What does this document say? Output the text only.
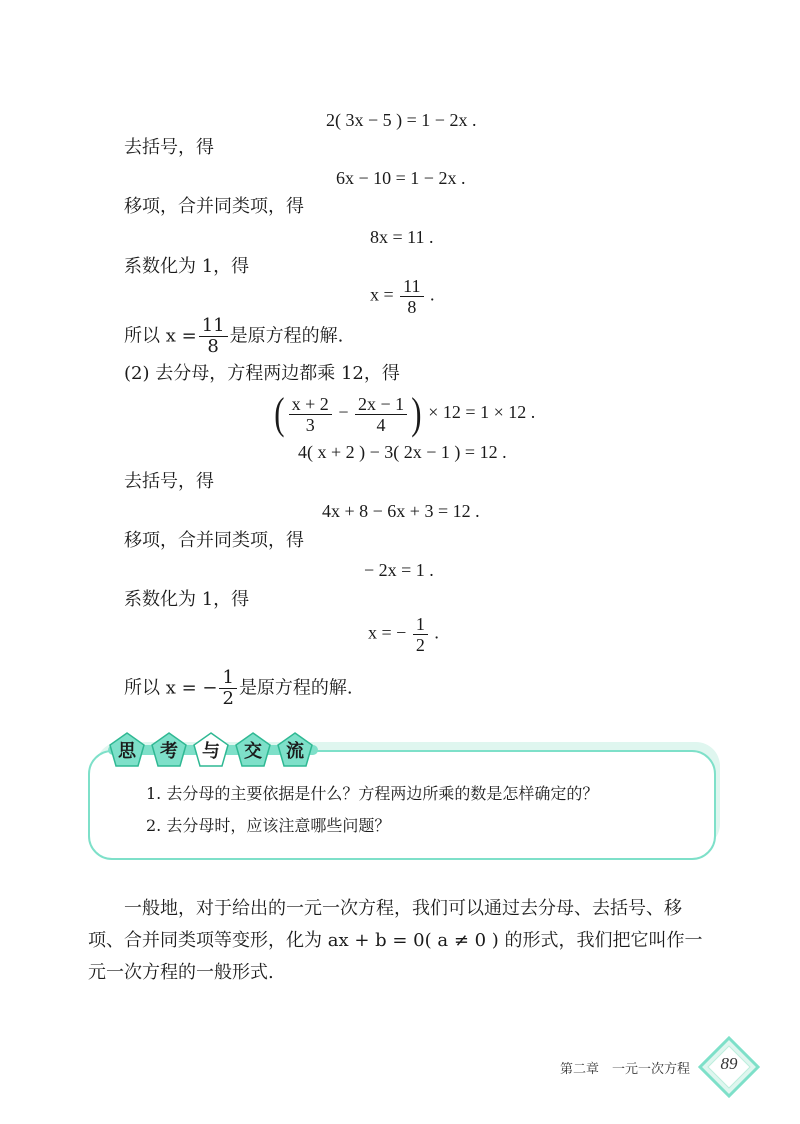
2( 3x − 5 ) = 1 − 2x .
去括号，得
6x − 10 = 1 − 2x .
移项，合并同类项，得
8x = 11 .
系数化为 1，得
$x = \frac{11}{8}$ .
所以 $x = \frac{11}{8}$ 是原方程的解.
(2) 去分母，方程两边都乘 12，得
( $\frac{x + 2}{3} - \frac{2x - 1}{4}$ ) × 12 = 1 × 12 .
4( x + 2 ) − 3( 2x − 1 ) = 12 .
去括号，得
4x + 8 − 6x + 3 = 12 .
移项，合并同类项，得
− 2x = 1 .
系数化为 1，得
x = − $\frac{1}{2}$ .
所以 x = − $\frac{1}{2}$ 是原方程的解.
思 考 与 交 流
1. 去分母的主要依据是什么？方程两边所乘的数是怎样确定的？
2. 去分母时，应该注意哪些问题？
一般地，对于给出的一元一次方程，我们可以通过去分母、去括号、移项、合并同类项等变形，化为 ax + b = 0( a ≠ 0 ) 的形式，我们把它叫作一元一次方程的一般形式.
第二章　一元一次方程	89
